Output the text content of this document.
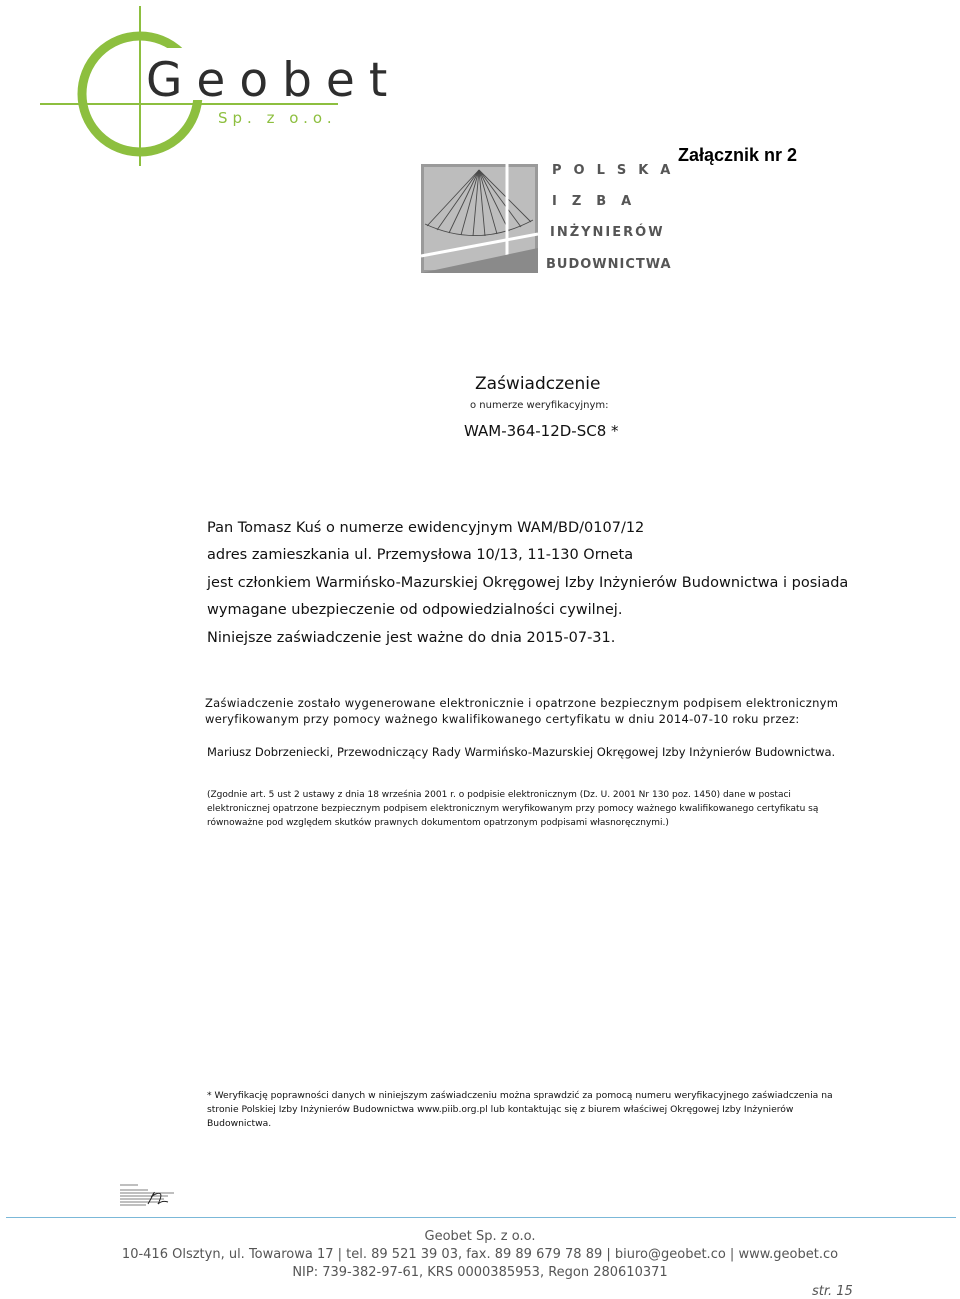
Geobet
Sp. z o.o.
Załącznik nr 2
POLSKA
IZBA
INŻYNIERÓW
BUDOWNICTWA
Zaświadczenie
o numerze weryfikacyjnym:
WAM-364-12D-SC8 *
Pan Tomasz Kuś o numerze ewidencyjnym WAM/BD/0107/12
adres zamieszkania ul. Przemysłowa 10/13, 11-130 Orneta
jest członkiem Warmińsko-Mazurskiej Okręgowej Izby Inżynierów Budownictwa i posiada
wymagane ubezpieczenie od odpowiedzialności cywilnej.
Niniejsze zaświadczenie jest ważne do dnia 2015-07-31.
Zaświadczenie zostało wygenerowane elektronicznie i opatrzone bezpiecznym podpisem elektronicznym
weryfikowanym przy pomocy ważnego kwalifikowanego certyfikatu w dniu 2014-07-10 roku przez:
Mariusz Dobrzeniecki, Przewodniczący Rady Warmińsko-Mazurskiej Okręgowej Izby Inżynierów Budownictwa.
(Zgodnie art. 5 ust 2 ustawy z dnia 18 września 2001 r. o podpisie elektronicznym (Dz. U. 2001 Nr 130 poz. 1450) dane w postaci
elektronicznej opatrzone bezpiecznym podpisem elektronicznym weryfikowanym przy pomocy ważnego kwalifikowanego certyfikatu są
równoważne pod względem skutków prawnych dokumentom opatrzonym podpisami własnoręcznymi.)
* Weryfikację poprawności danych w niniejszym zaświadczeniu można sprawdzić za pomocą numeru weryfikacyjnego zaświadczenia na
stronie Polskiej Izby Inżynierów Budownictwa www.piib.org.pl lub kontaktując się z biurem właściwej Okręgowej Izby Inżynierów
Budownictwa.
Geobet Sp. z o.o.
10-416 Olsztyn, ul. Towarowa 17 | tel. 89 521 39 03, fax. 89 89 679 78 89 | biuro@geobet.co | www.geobet.co
NIP: 739-382-97-61, KRS 0000385953, Regon 280610371
str. 15
